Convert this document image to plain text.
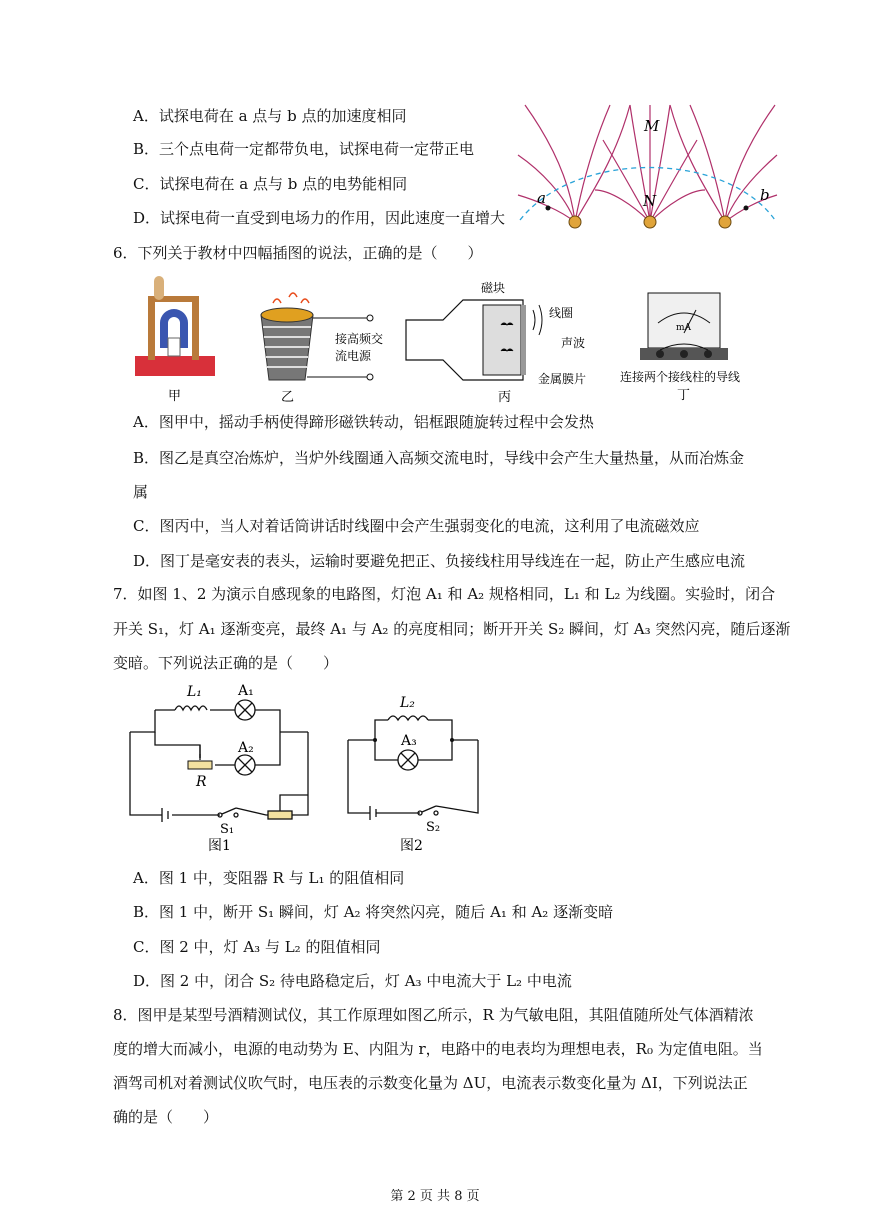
A．试探电荷在 a 点与 b 点的加速度相同
B．三个点电荷一定都带负电，试探电荷一定带正电
C．试探电荷在 a 点与 b 点的电势能相同
D．试探电荷一直受到电场力的作用，因此速度一直增大
M
N
a	b
6．下列关于教材中四幅插图的说法，正确的是（　　）
甲
接高频交
流电源
乙
磁块
线圈
声波
金属膜片
丙
mA
连接两个接线柱的导线
丁
A．图甲中，摇动手柄使得蹄形磁铁转动，铝框跟随旋转过程中会发热
B．图乙是真空冶炼炉，当炉外线圈通入高频交流电时，导线中会产生大量热量，从而冶炼金
属
C．图丙中，当人对着话筒讲话时线圈中会产生强弱变化的电流，这利用了电流磁效应
D．图丁是毫安表的表头，运输时要避免把正、负接线柱用导线连在一起，防止产生感应电流
7．如图 1、2 为演示自感现象的电路图，灯泡 A₁ 和 A₂ 规格相同，L₁ 和 L₂ 为线圈。实验时，闭合
开关 S₁，灯 A₁ 逐渐变亮，最终 A₁ 与 A₂ 的亮度相同；断开开关 S₂ 瞬间，灯 A₃ 突然闪亮，随后逐渐
变暗。下列说法正确的是（　　）
L₁	A₁
A₂
R
S₁
图1
L₂
A₃
S₂
图2
A．图 1 中，变阻器 R 与 L₁ 的阻值相同
B．图 1 中，断开 S₁ 瞬间，灯 A₂ 将突然闪亮，随后 A₁ 和 A₂ 逐渐变暗
C．图 2 中，灯 A₃ 与 L₂ 的阻值相同
D．图 2 中，闭合 S₂ 待电路稳定后，灯 A₃ 中电流大于 L₂ 中电流
8．图甲是某型号酒精测试仪，其工作原理如图乙所示，R 为气敏电阻，其阻值随所处气体酒精浓
度的增大而减小，电源的电动势为 E、内阻为 r，电路中的电表均为理想电表，R₀ 为定值电阻。当
酒驾司机对着测试仪吹气时，电压表的示数变化量为 ΔU，电流表示数变化量为 ΔI，下列说法正
确的是（　　）
第 2 页 共 8 页
